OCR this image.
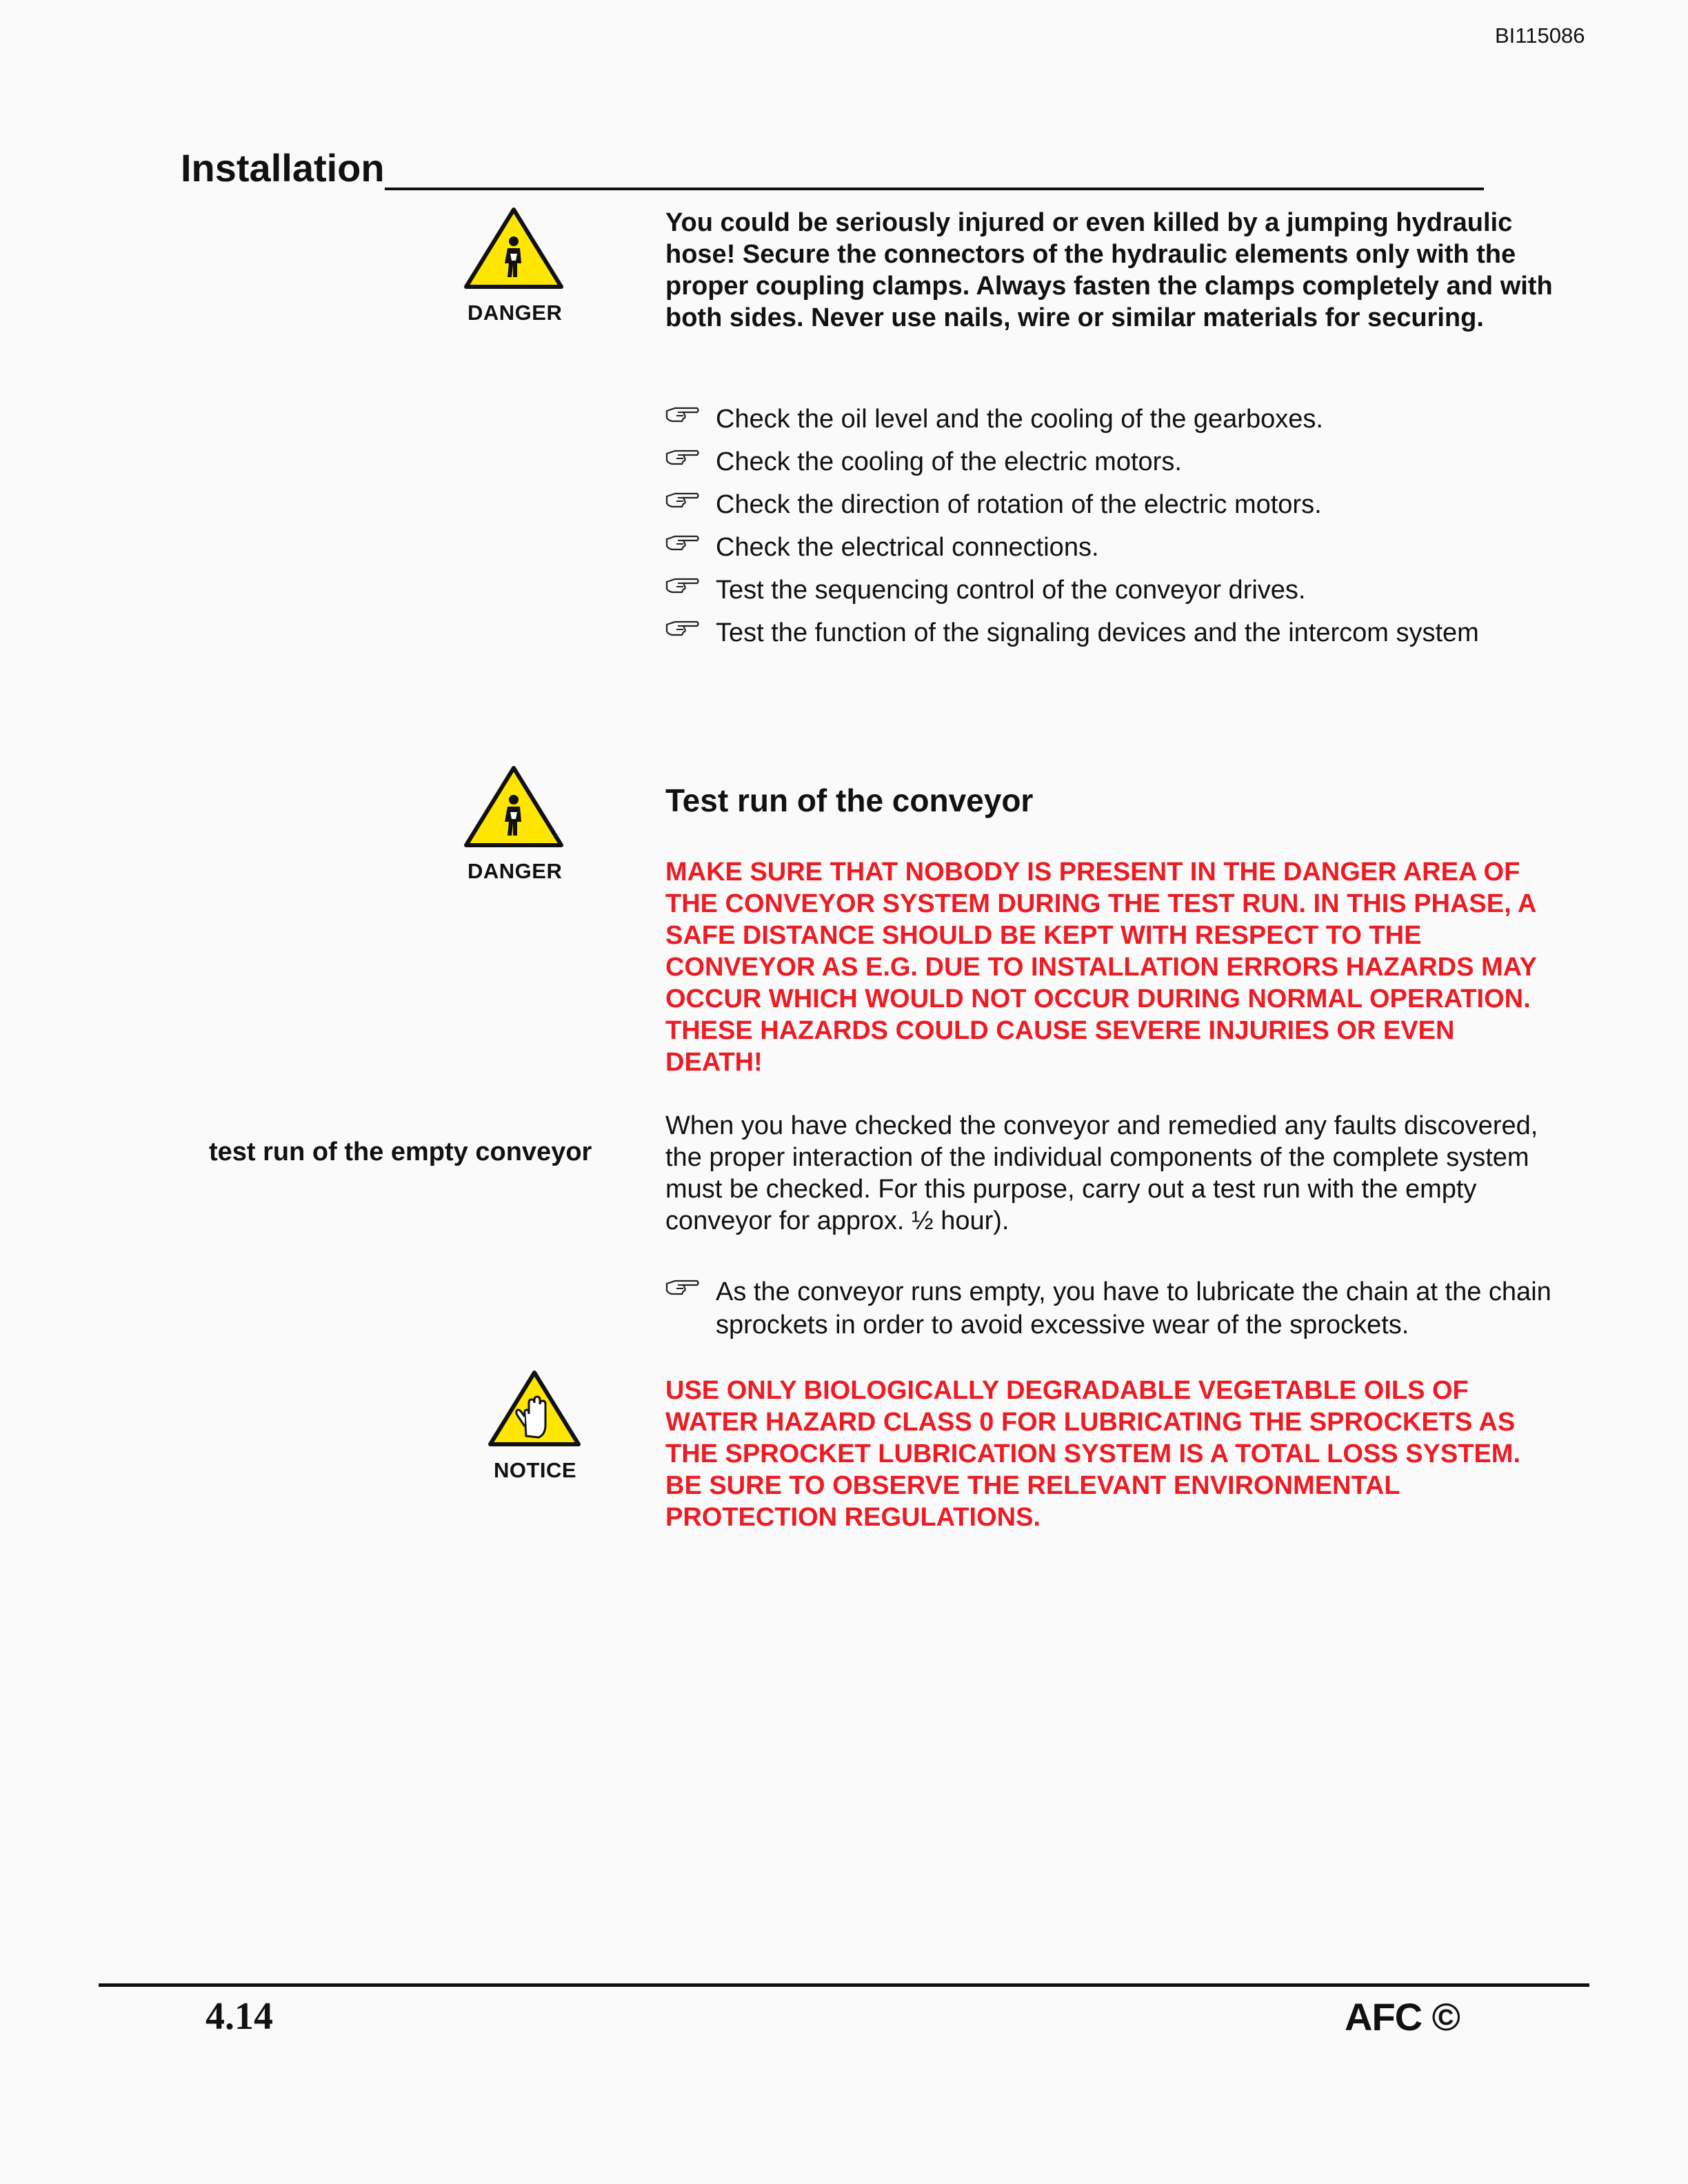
BI115086
Installation
DANGER

You could be seriously injured or even killed by a jumping hydraulic hose! Secure the connectors of the hydraulic elements only with the proper coupling clamps. Always fasten the clamps completely and with both sides. Never use nails, wire or similar materials for securing.

Check the oil level and the cooling of the gearboxes.
Check the cooling of the electric motors.
Check the direction of rotation of the electric motors.
Check the electrical connections.
Test the sequencing control of the conveyor drives.
Test the function of the signaling devices and the intercom system
DANGER
Test run of the conveyor

MAKE SURE THAT NOBODY IS PRESENT IN THE DANGER AREA OF THE CONVEYOR SYSTEM DURING THE TEST RUN. IN THIS PHASE, A SAFE DISTANCE SHOULD BE KEPT WITH RESPECT TO THE CONVEYOR AS E.G. DUE TO INSTALLATION ERRORS HAZARDS MAY OCCUR WHICH WOULD NOT OCCUR DURING NORMAL OPERATION. THESE HAZARDS COULD CAUSE SEVERE INJURIES OR EVEN DEATH!

test run of the empty conveyor

When you have checked the conveyor and remedied any faults discovered, the proper interaction of the individual components of the complete system must be checked. For this purpose, carry out a test run with the empty conveyor for approx. ½ hour).

As the conveyor runs empty, you have to lubricate the chain at the chain sprockets in order to avoid excessive wear of the sprockets.
NOTICE

USE ONLY BIOLOGICALLY DEGRADABLE VEGETABLE OILS OF WATER HAZARD CLASS 0 FOR LUBRICATING THE SPROCKETS AS THE SPROCKET LUBRICATION SYSTEM IS A TOTAL LOSS SYSTEM. BE SURE TO OBSERVE THE RELEVANT ENVIRONMENTAL PROTECTION REGULATIONS.

4.14	AFC ©
